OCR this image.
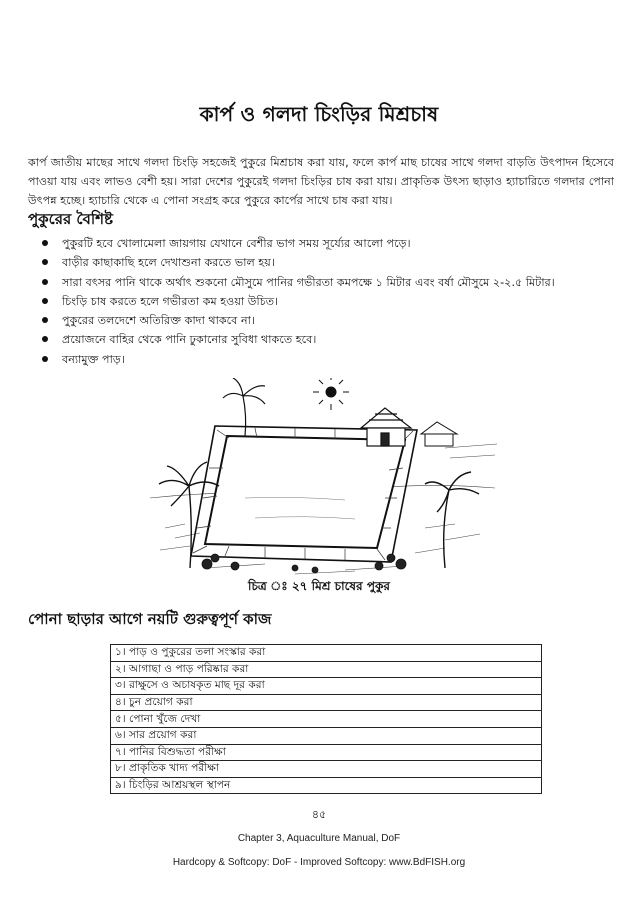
কার্প ও গলদা চিংড়ির মিশ্রচাষ
কার্প জাতীয় মাছের সাথে গলদা চিংড়ি সহজেই পুকুরে মিশ্রচাষ করা যায়, ফলে কার্প মাছ চাষের সাথে গলদা বাড়তি উৎপাদন হিসেবে পাওয়া যায় এবং লাভও বেশী হয়। সারা দেশের পুকুরেই গলদা চিংড়ির চাষ করা যায়। প্রাকৃতিক উৎস্য ছাড়াও হ্যাচারিতে গলদার পোনা উৎপন্ন হচ্ছে। হ্যাচারি থেকে এ পোনা সংগ্রহ করে পুকুরে কার্পের সাথে চাষ করা যায়।
পুকুরের বৈশিষ্ট
পুকুরটি হবে খোলামেলা জায়গায় যেখানে বেশীর ভাগ সময় সূর্য্যের আলো পড়ে।
বাড়ীর কাছাকাছি হলে দেখাশুনা করতে ভাল হয়।
সারা বৎসর পানি থাকে অর্থাৎ শুকনো মৌসুমে পানির গভীরতা কমপক্ষে ১ মিটার এবং বর্ষা মৌসুমে ২-২.৫ মিটার।
চিংড়ি চাষ করতে হলে গভীরতা কম হওয়া উচিত।
পুকুরের তলদেশে অতিরিক্ত কাদা থাকবে না।
প্রয়োজনে বাহির থেকে পানি ঢুকানোর সুবিধা থাকতে হবে।
বন্যামুক্ত পাড়।
চিত্র ঃ ২৭ মিশ্র চাষের পুকুর
পোনা ছাড়ার আগে নয়টি গুরুত্বপূর্ণ কাজ
১। পাড় ও পুকুরের তলা সংস্কার করা
২। আগাছা ও পাড় পরিষ্কার করা
৩। রাক্ষুসে ও অচাষকৃত মাছ দূর করা
৪। চুন প্রয়োগ করা
৫। পোনা খুঁজে দেখা
৬। সার প্রয়োগ করা
৭। পানির বিশুদ্ধতা পরীক্ষা
৮। প্রাকৃতিক খাদ্য পরীক্ষা
৯। চিংড়ির আশ্রয়স্থল স্থাপন
৪৫
Chapter 3, Aquaculture Manual, DoF
Hardcopy & Softcopy: DoF - Improved Softcopy: www.BdFISH.org
